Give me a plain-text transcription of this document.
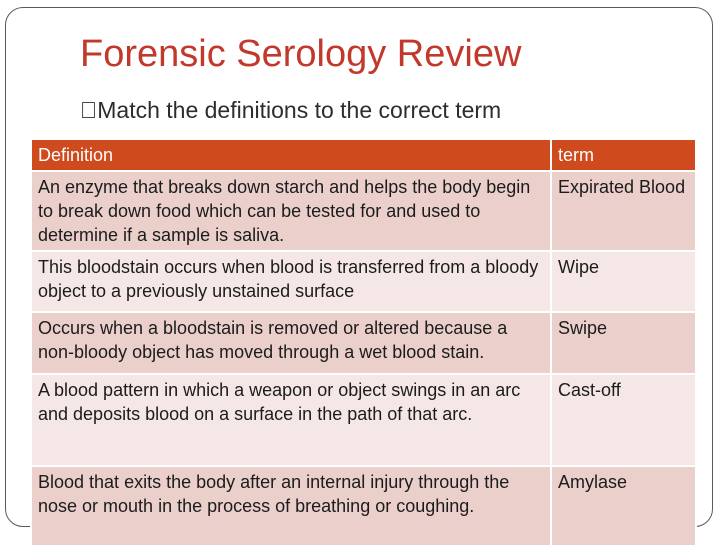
Forensic Serology Review
Match the definitions to the correct term
Definition	term
An enzyme that breaks down starch and helps the body begin to break down food which can be tested for and used to determine if a sample is saliva.	Expirated Blood
This bloodstain occurs when blood is transferred from a bloody object to a previously unstained surface	Wipe
Occurs when a bloodstain is removed or altered because a non-bloody object has moved through a wet blood stain.	Swipe
A blood pattern in which a weapon or object swings in an arc and deposits blood on a surface in the path of that arc.	Cast-off
Blood that exits the body after an internal injury through the nose or mouth in the process of breathing or coughing.	Amylase
